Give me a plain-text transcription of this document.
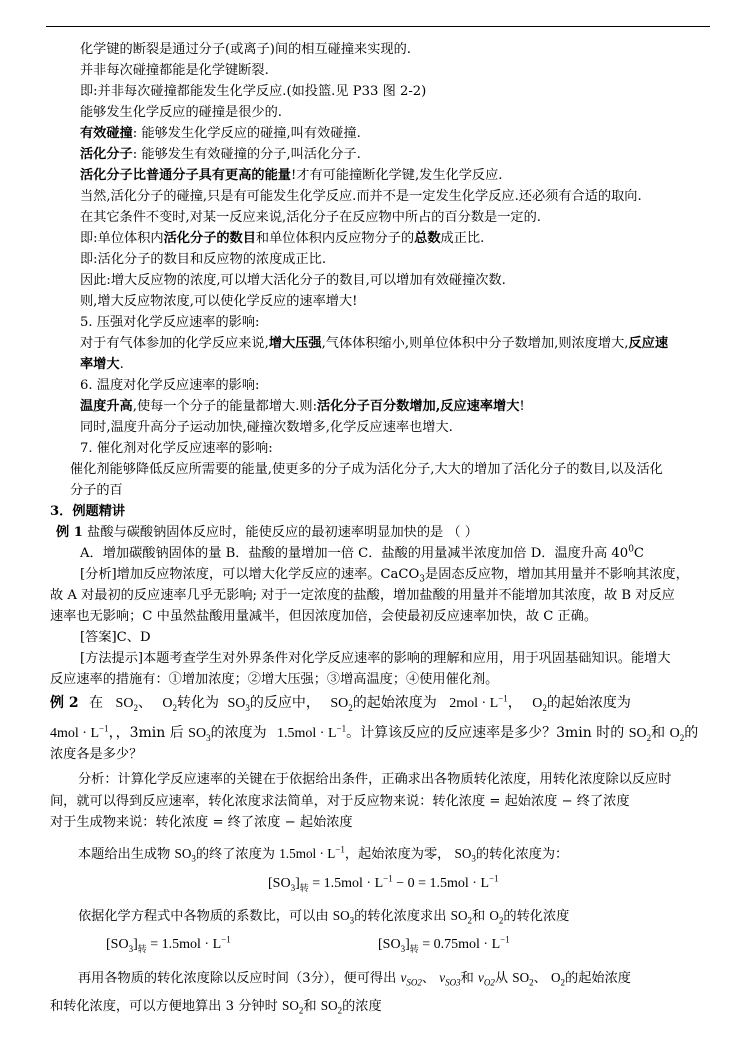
化学键的断裂是通过分子(或离子)间的相互碰撞来实现的.
并非每次碰撞都能是化学键断裂.
即:并非每次碰撞都能发生化学反应.(如投篮.见 P33 图 2-2)
能够发生化学反应的碰撞是很少的.
有效碰撞: 能够发生化学反应的碰撞,叫有效碰撞.
活化分子: 能够发生有效碰撞的分子,叫活化分子.
活化分子比普通分子具有更高的能量!才有可能撞断化学键,发生化学反应.
当然,活化分子的碰撞,只是有可能发生化学反应.而并不是一定发生化学反应.还必须有合适的取向.
在其它条件不变时,对某一反应来说,活化分子在反应物中所占的百分数是一定的.
即:单位体积内活化分子的数目和单位体积内反应物分子的总数成正比.
即:活化分子的数目和反应物的浓度成正比.
因此:增大反应物的浓度,可以增大活化分子的数目,可以增加有效碰撞次数.
则,增大反应物浓度,可以使化学反应的速率增大!
5. 压强对化学反应速率的影响:
对于有气体参加的化学反应来说,增大压强,气体体积缩小,则单位体积中分子数增加,则浓度增大,反应速
率增大.
6. 温度对化学反应速率的影响:
温度升高,使每一个分子的能量都增大.则:活化分子百分数增加,反应速率增大!
同时,温度升高分子运动加快,碰撞次数增多,化学反应速率也增大.
7. 催化剂对化学反应速率的影响:
催化剂能够降低反应所需要的能量,使更多的分子成为活化分子,大大的增加了活化分子的数目,以及活化
分子的百
3．例题精讲
例 1 盐酸与碳酸钠固体反应时，能使反应的最初速率明显加快的是 （ ）
A．增加碳酸钠固体的量 B．盐酸的量增加一倍 C．盐酸的用量减半浓度加倍 D．温度升高 $40^0C$
[分析]增加反应物浓度，可以增大化学反应的速率。CaCO$_3$是固态反应物，增加其用量并不影响其浓度，
故 A 对最初的反应速率几乎无影响; 对于一定浓度的盐酸，增加盐酸的用量并不能增加其浓度，故 B 对反应
速率也无影响；C 中虽然盐酸用量减半，但因浓度加倍，会使最初反应速率加快，故 C 正确。
[答案]C、D
[方法提示]本题考查学生对外界条件对化学反应速率的影响的理解和应用，用于巩固基础知识。能增大
反应速率的措施有：①增加浓度；②增大压强；③增高温度；④使用催化剂。
例 2 在 $SO_2$、 $O_2$转化为 $SO_3$的反应中， $SO_2$的起始浓度为 $2mol \cdot L^{-1}$， $O_2$的起始浓度为
$4mol \cdot L^{-1}$，，3min 后 $SO_3$的浓度为 $1.5mol \cdot L^{-1}$。计算该反应的反应速率是多少？3min 时的 $SO_2$和 $O_2$的
浓度各是多少？
分析：计算化学反应速率的关键在于依据给出条件，正确求出各物质转化浓度，用转化浓度除以反应时
间，就可以得到反应速率，转化浓度求法简单，对于反应物来说：转化浓度 = 起始浓度 − 终了浓度
对于生成物来说：转化浓度 = 终了浓度 − 起始浓度
本题给出生成物 $SO_3$的终了浓度为 $1.5mol \cdot L^{-1}$，起始浓度为零， $SO_3$的转化浓度为：
$[SO_3]_转 = 1.5mol \cdot L^{-1} - 0 = 1.5mol \cdot L^{-1}$
依据化学方程式中各物质的系数比，可以由 $SO_3$的转化浓度求出 $SO_2$和 $O_2$的转化浓度
$[SO_3]_转 = 1.5mol \cdot L^{-1}$	$[SO_3]_转 = 0.75mol \cdot L^{-1}$
再用各物质的转化浓度除以反应时间（3分），便可得出 $v_{SO2}$、 $v_{SO3}$和 $v_{O2}$从 $SO_2$、 $O_2$的起始浓度
和转化浓度，可以方便地算出 3 分钟时 $SO_2$和 $SO_2$的浓度
